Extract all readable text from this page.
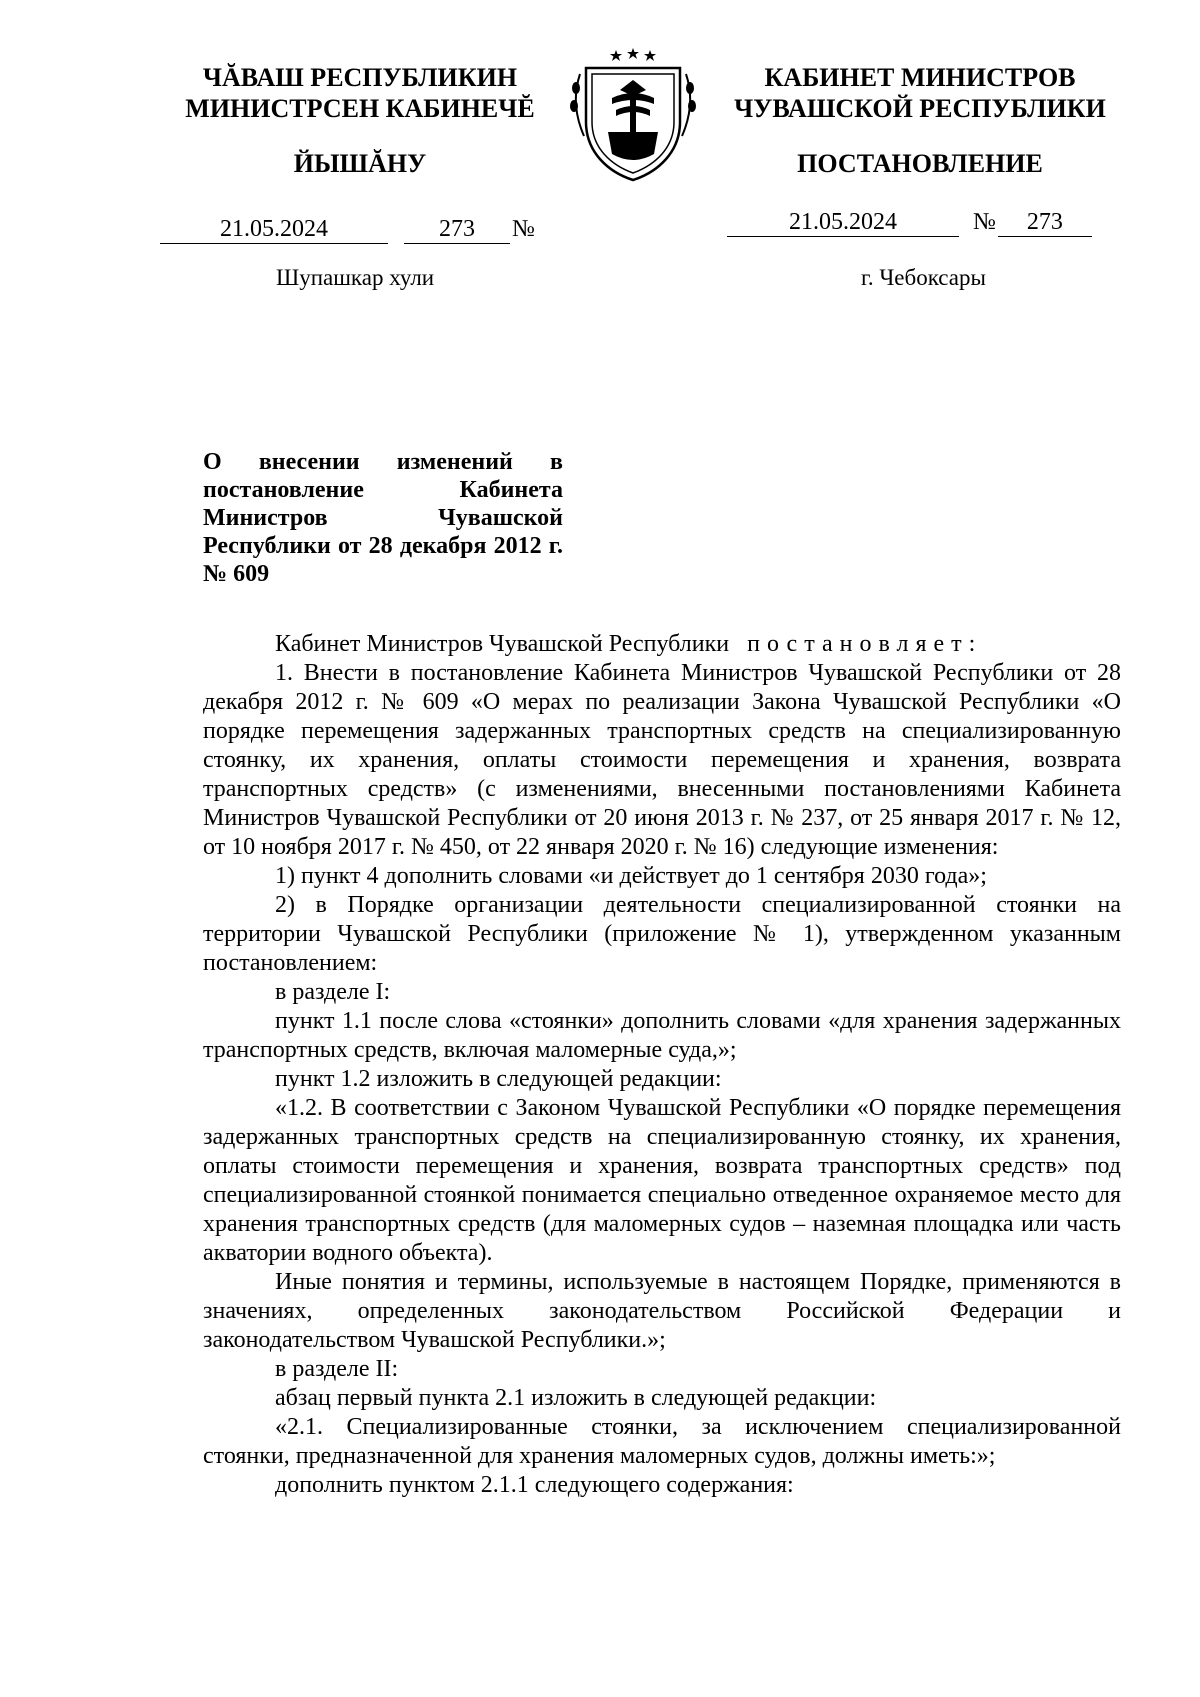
ЧĂВАШ РЕСПУБЛИКИН
МИНИСТРСЕН КАБИНЕЧĔ
ЙЫШĂНУ
КАБИНЕТ МИНИСТРОВ
ЧУВАШСКОЙ РЕСПУБЛИКИ
ПОСТАНОВЛЕНИЕ
21.05.2024	273 №	21.05.2024	№ 273
Шупашкар хули	г. Чебоксары
О внесении изменений в постановление Кабинета Министров Чувашской Республики от 28 декабря 2012 г. № 609

Кабинет Министров Чувашской Республики постановляет:

1. Внести в постановление Кабинета Министров Чувашской Республики от 28 декабря 2012 г. № 609 «О мерах по реализации Закона Чувашской Республики «О порядке перемещения задержанных транспортных средств на специализированную стоянку, их хранения, оплаты стоимости перемещения и хранения, возврата транспортных средств» (с изменениями, внесенными постановлениями Кабинета Министров Чувашской Республики от 20 июня 2013 г. № 237, от 25 января 2017 г. № 12, от 10 ноября 2017 г. № 450, от 22 января 2020 г. № 16) следующие изменения:

1) пункт 4 дополнить словами «и действует до 1 сентября 2030 года»;

2) в Порядке организации деятельности специализированной стоянки на территории Чувашской Республики (приложение № 1), утвержденном указанным постановлением:

в разделе I:

пункт 1.1 после слова «стоянки» дополнить словами «для хранения задержанных транспортных средств, включая маломерные суда,»;

пункт 1.2 изложить в следующей редакции:

«1.2. В соответствии с Законом Чувашской Республики «О порядке перемещения задержанных транспортных средств на специализированную стоянку, их хранения, оплаты стоимости перемещения и хранения, возврата транспортных средств» под специализированной стоянкой понимается специально отведенное охраняемое место для хранения транспортных средств (для маломерных судов – наземная площадка или часть акватории водного объекта).

Иные понятия и термины, используемые в настоящем Порядке, применяются в значениях, определенных законодательством Российской Федерации и законодательством Чувашской Республики.»;

в разделе II:

абзац первый пункта 2.1 изложить в следующей редакции:

«2.1. Специализированные стоянки, за исключением специализированной стоянки, предназначенной для хранения маломерных судов, должны иметь:»;

дополнить пунктом 2.1.1 следующего содержания:
